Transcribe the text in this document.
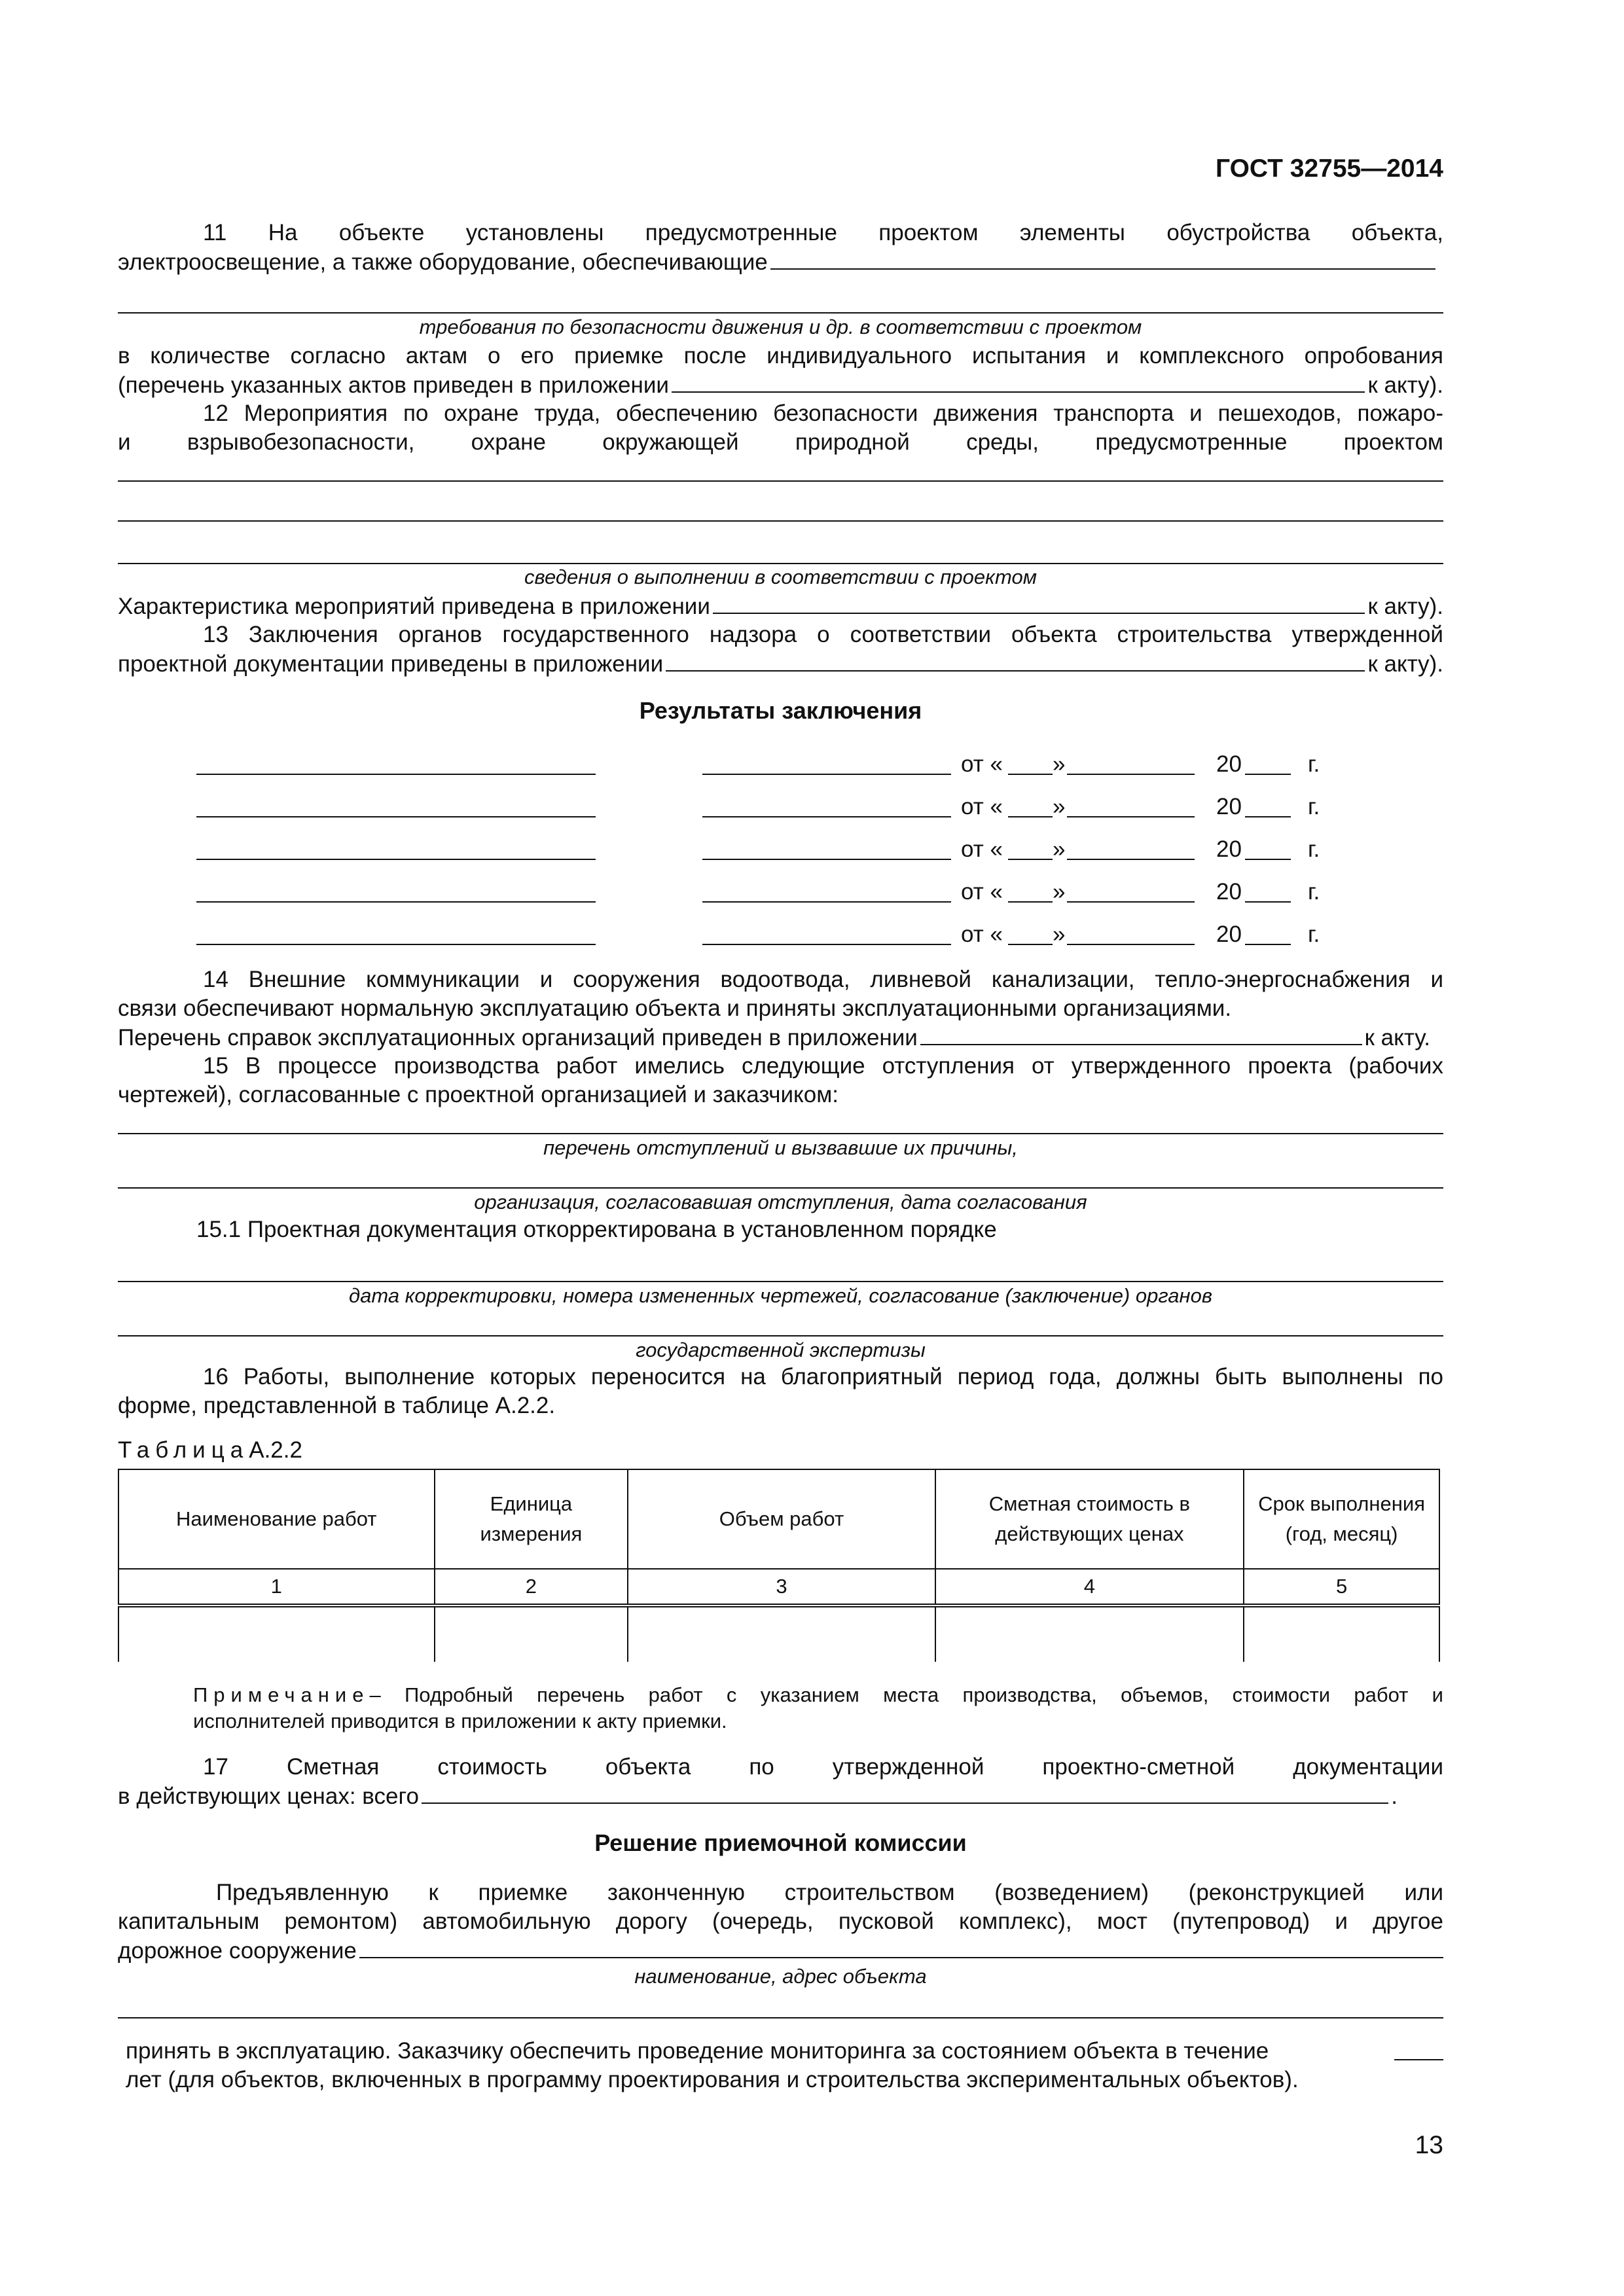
ГОСТ 32755—2014
11 На объекте установлены предусмотренные проектом элементы обустройства объекта,
электроосвещение, а также оборудование, обеспечивающие
требования по безопасности движения и др. в соответствии с проектом
в количестве согласно актам о его приемке после индивидуального испытания и комплексного опробования
(перечень указанных актов приведен в приложении	к акту).
12 Мероприятия по охране труда, обеспечению безопасности движения транспорта и пешеходов, пожаро-
и взрывобезопасности, охране окружающей природной среды, предусмотренные проектом
сведения о выполнении в соответствии с проектом
Характеристика мероприятий приведена в приложении	к акту).
13 Заключения органов государственного надзора о соответствии объекта строительства утвержденной
проектной документации приведены в приложении	к акту).
Результаты заключения
от « »	20	г.
от « »	20	г.
от « »	20	г.
от « »	20	г.
от « »	20	г.
14 Внешние коммуникации и сооружения водоотвода, ливневой канализации, тепло-энергоснабжения и
связи обеспечивают нормальную эксплуатацию объекта и приняты эксплуатационными организациями.
Перечень справок эксплуатационных организаций приведен в приложении	к акту.
15 В процессе производства работ имелись следующие отступления от утвержденного проекта (рабочих
чертежей), согласованные с проектной организацией и заказчиком:
перечень отступлений и вызвавшие их причины,
организация, согласовавшая отступления, дата согласования
15.1 Проектная документация откорректирована в установленном порядке
дата корректировки, номера измененных чертежей, согласование (заключение) органов
государственной экспертизы
16 Работы, выполнение которых переносится на благоприятный период года, должны быть выполнены по
форме, представленной в таблице А.2.2.
ТаблицаА.2.2
Наименование работ	Единица измерения	Объем работ	Сметная стоимость в действующих ценах	Срок выполнения (год, месяц)
1	2	3	4	5

Примечание– Подробный перечень работ с указанием места производства, объемов, стоимости работ и
исполнителей приводится в приложении к акту приемки.
17 Сметная стоимость объекта по утвержденной проектно-сметной документации
в действующих ценах: всего	.
Решение приемочной комиссии
Предъявленную к приемке законченную строительством (возведением) (реконструкцией или
капитальным ремонтом) автомобильную дорогу (очередь, пусковой комплекс), мост (путепровод) и другое
дорожное сооружение
наименование, адрес объекта
принять в эксплуатацию. Заказчику обеспечить проведение мониторинга за состоянием объекта в течение
лет (для объектов, включенных в программу проектирования и строительства экспериментальных объектов).
13
